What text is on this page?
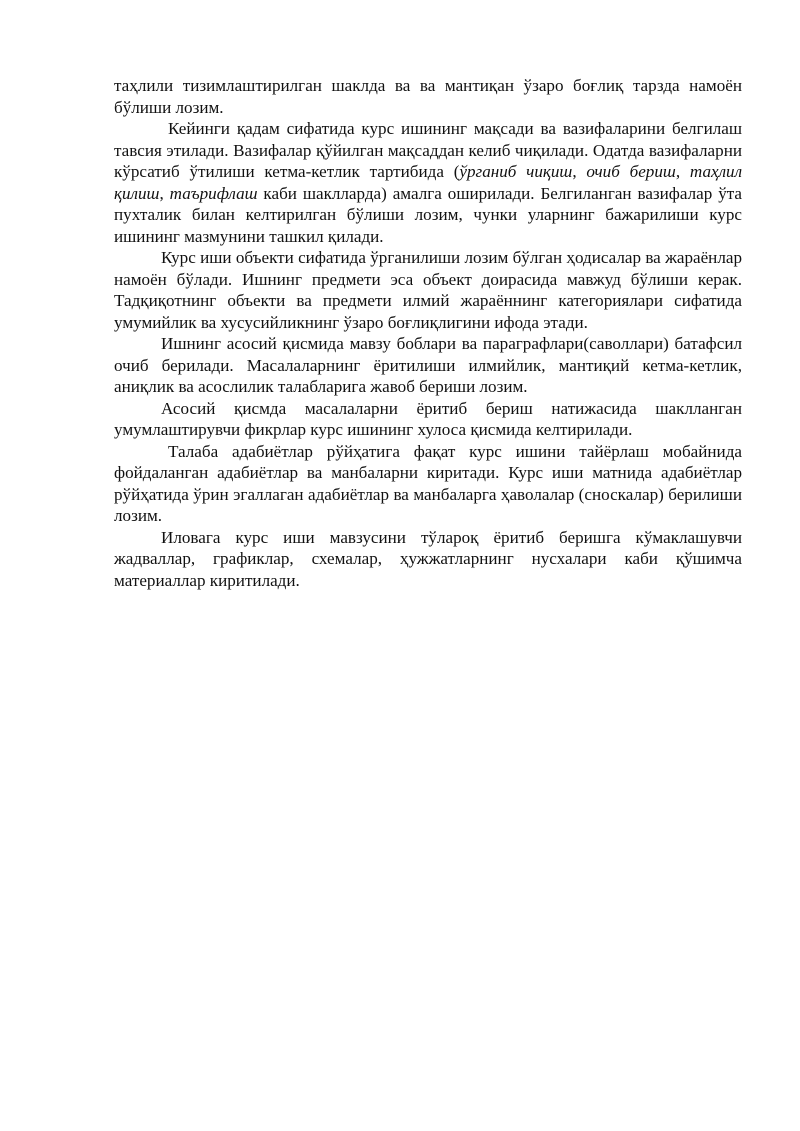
таҳлили тизимлаштирилган шаклда ва ва мантиқан ўзаро боғлиқ тарзда намоён бўлиши лозим.

Кейинги қадам сифатида курс ишининг мақсади ва вазифаларини белгилаш тавсия этилади. Вазифалар қўйилган мақсаддан келиб чиқилади. Одатда вазифаларни кўрсатиб ўтилиши кетма-кетлик тартибида (ўрганиб чиқиш, очиб бериш, таҳлил қилиш, таърифлаш каби шаклларда) амалга оширилади. Белгиланган вазифалар ўта пухталик билан келтирилган бўлиши лозим, чунки уларнинг бажарилиши курс ишининг мазмунини ташкил қилади.

Курс иши объекти сифатида ўрганилиши лозим бўлган ҳодисалар ва жараёнлар намоён бўлади. Ишнинг предмети эса объект доирасида мавжуд бўлиши керак. Тадқиқотнинг объекти ва предмети илмий жараённинг категориялари сифатида умумийлик ва хусусийликнинг ўзаро боғлиқлигини ифода этади.

Ишнинг асосий қисмида мавзу боблари ва параграфлари(саволлари) батафсил очиб берилади. Масалаларнинг ёритилиши илмийлик, мантиқий кетма-кетлик, аниқлик ва асослилик талабларига жавоб бериши лозим.

Асосий қисмда масалаларни ёритиб бериш натижасида шаклланган умумлаштирувчи фикрлар курс ишининг хулоса қисмида келтирилади.

Талаба адабиётлар рўйҳатига фақат курс ишини тайёрлаш мобайнида фойдаланган адабиётлар ва манбаларни киритади. Курс иши матнида адабиётлар рўйҳатида ўрин эгаллаган адабиётлар ва манбаларга ҳаволалар (сноскалар) берилиши лозим.

Иловага курс иши мавзусини тўлароқ ёритиб беришга кўмаклашувчи жадваллар, графиклар, схемалар, ҳужжатларнинг нусхалари каби қўшимча материаллар киритилади.
